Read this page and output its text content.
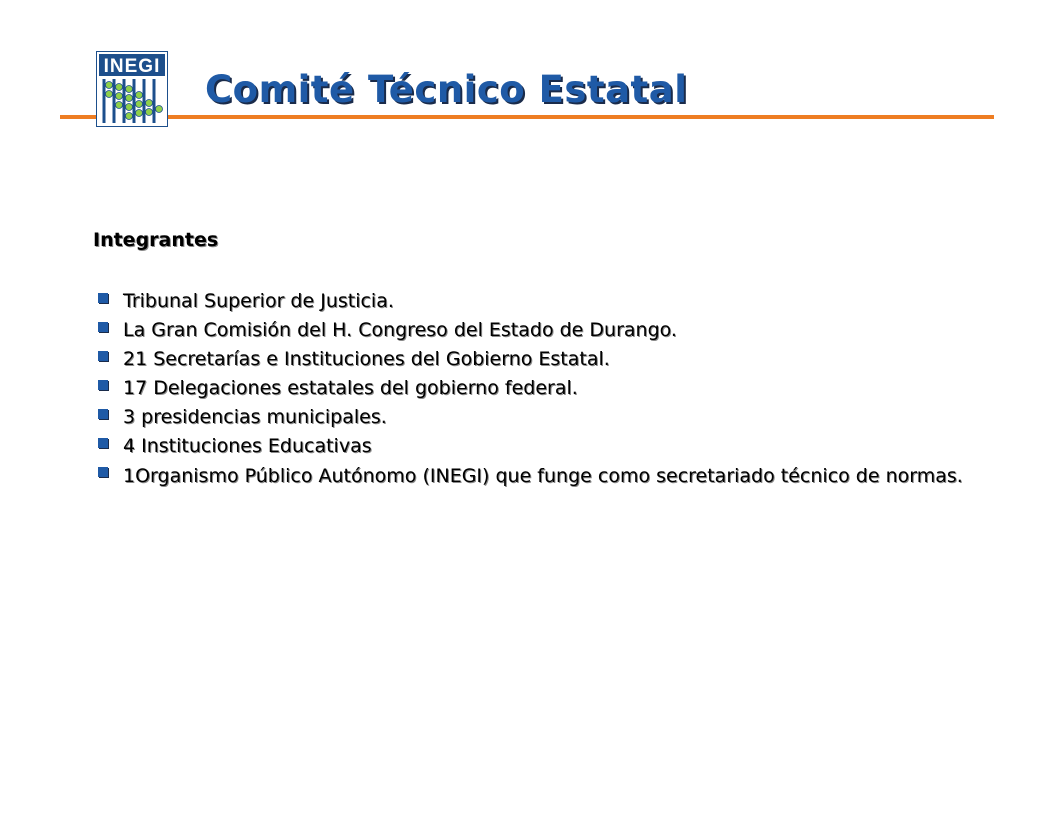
INEGI
Comité Técnico Estatal
Integrantes
Tribunal Superior de Justicia.
La Gran Comisión del H. Congreso del Estado de Durango.
21 Secretarías e Instituciones del Gobierno Estatal.
17 Delegaciones estatales del gobierno federal.
3 presidencias municipales.
4 Instituciones Educativas
1Organismo Público Autónomo (INEGI) que funge como secretariado técnico de normas.
